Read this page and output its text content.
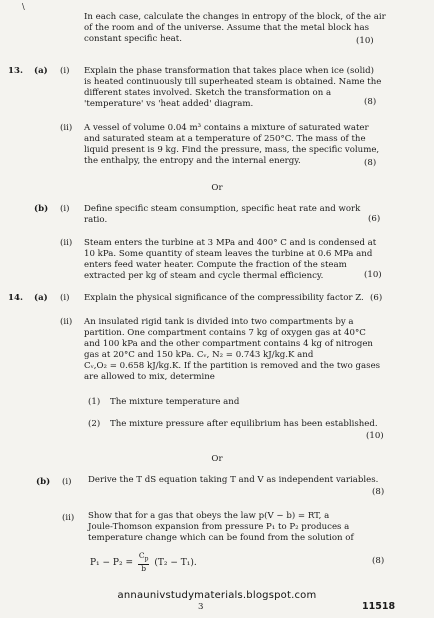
\
In each case, calculate the changes in entropy of the block, of the air
of the room and of the universe. Assume that the metal block has
constant specific heat.	(10)
13. (a) (i) Explain the phase transformation that takes place when ice (solid)
is heated continuously till superheated steam is obtained. Name the
different states involved. Sketch the transformation on a
'temperature' vs 'heat added' diagram.	(8)
(ii) A vessel of volume 0.04 m³ contains a mixture of saturated water
and saturated steam at a temperature of 250°C. The mass of the
liquid present is 9 kg. Find the pressure, mass, the specific volume,
the enthalpy, the entropy and the internal energy.	(8)
Or
(b) (i) Define specific steam consumption, specific heat rate and work
ratio.	(6)
(ii) Steam enters the turbine at 3 MPa and 400° C and is condensed at
10 kPa. Some quantity of steam leaves the turbine at 0.6 MPa and
enters feed water heater. Compute the fraction of the steam
extracted per kg of steam and cycle thermal efficiency.	(10)
14. (a) (i) Explain the physical significance of the compressibility factor Z. (6)
(ii) An insulated rigid tank is divided into two compartments by a
partition. One compartment contains 7 kg of oxygen gas at 40°C
and 100 kPa and the other compartment contains 4 kg of nitrogen
gas at 20°C and 150 kPa. Cᵥ, N₂ = 0.743 kJ/kg.K and
Cᵥ,O₂ = 0.658 kJ/kg.K. If the partition is removed and the two gases
are allowed to mix, determine
(1) The mixture temperature and
(2) The mixture pressure after equilibrium has been established.
(10)
Or
(b) (i) Derive the T dS equation taking T and V as independent variables.
(8)
(ii) Show that for a gas that obeys the law p(V − b) = RT, a
Joule-Thomson expansion from pressure P₁ to P₂ produces a
temperature change which can be found from the solution of
$P_1 - P_2 = \frac{C_p}{b} (T_2 - T_1)$.	(8)
annaunivstudymaterials.blogspot.com
3	11518
